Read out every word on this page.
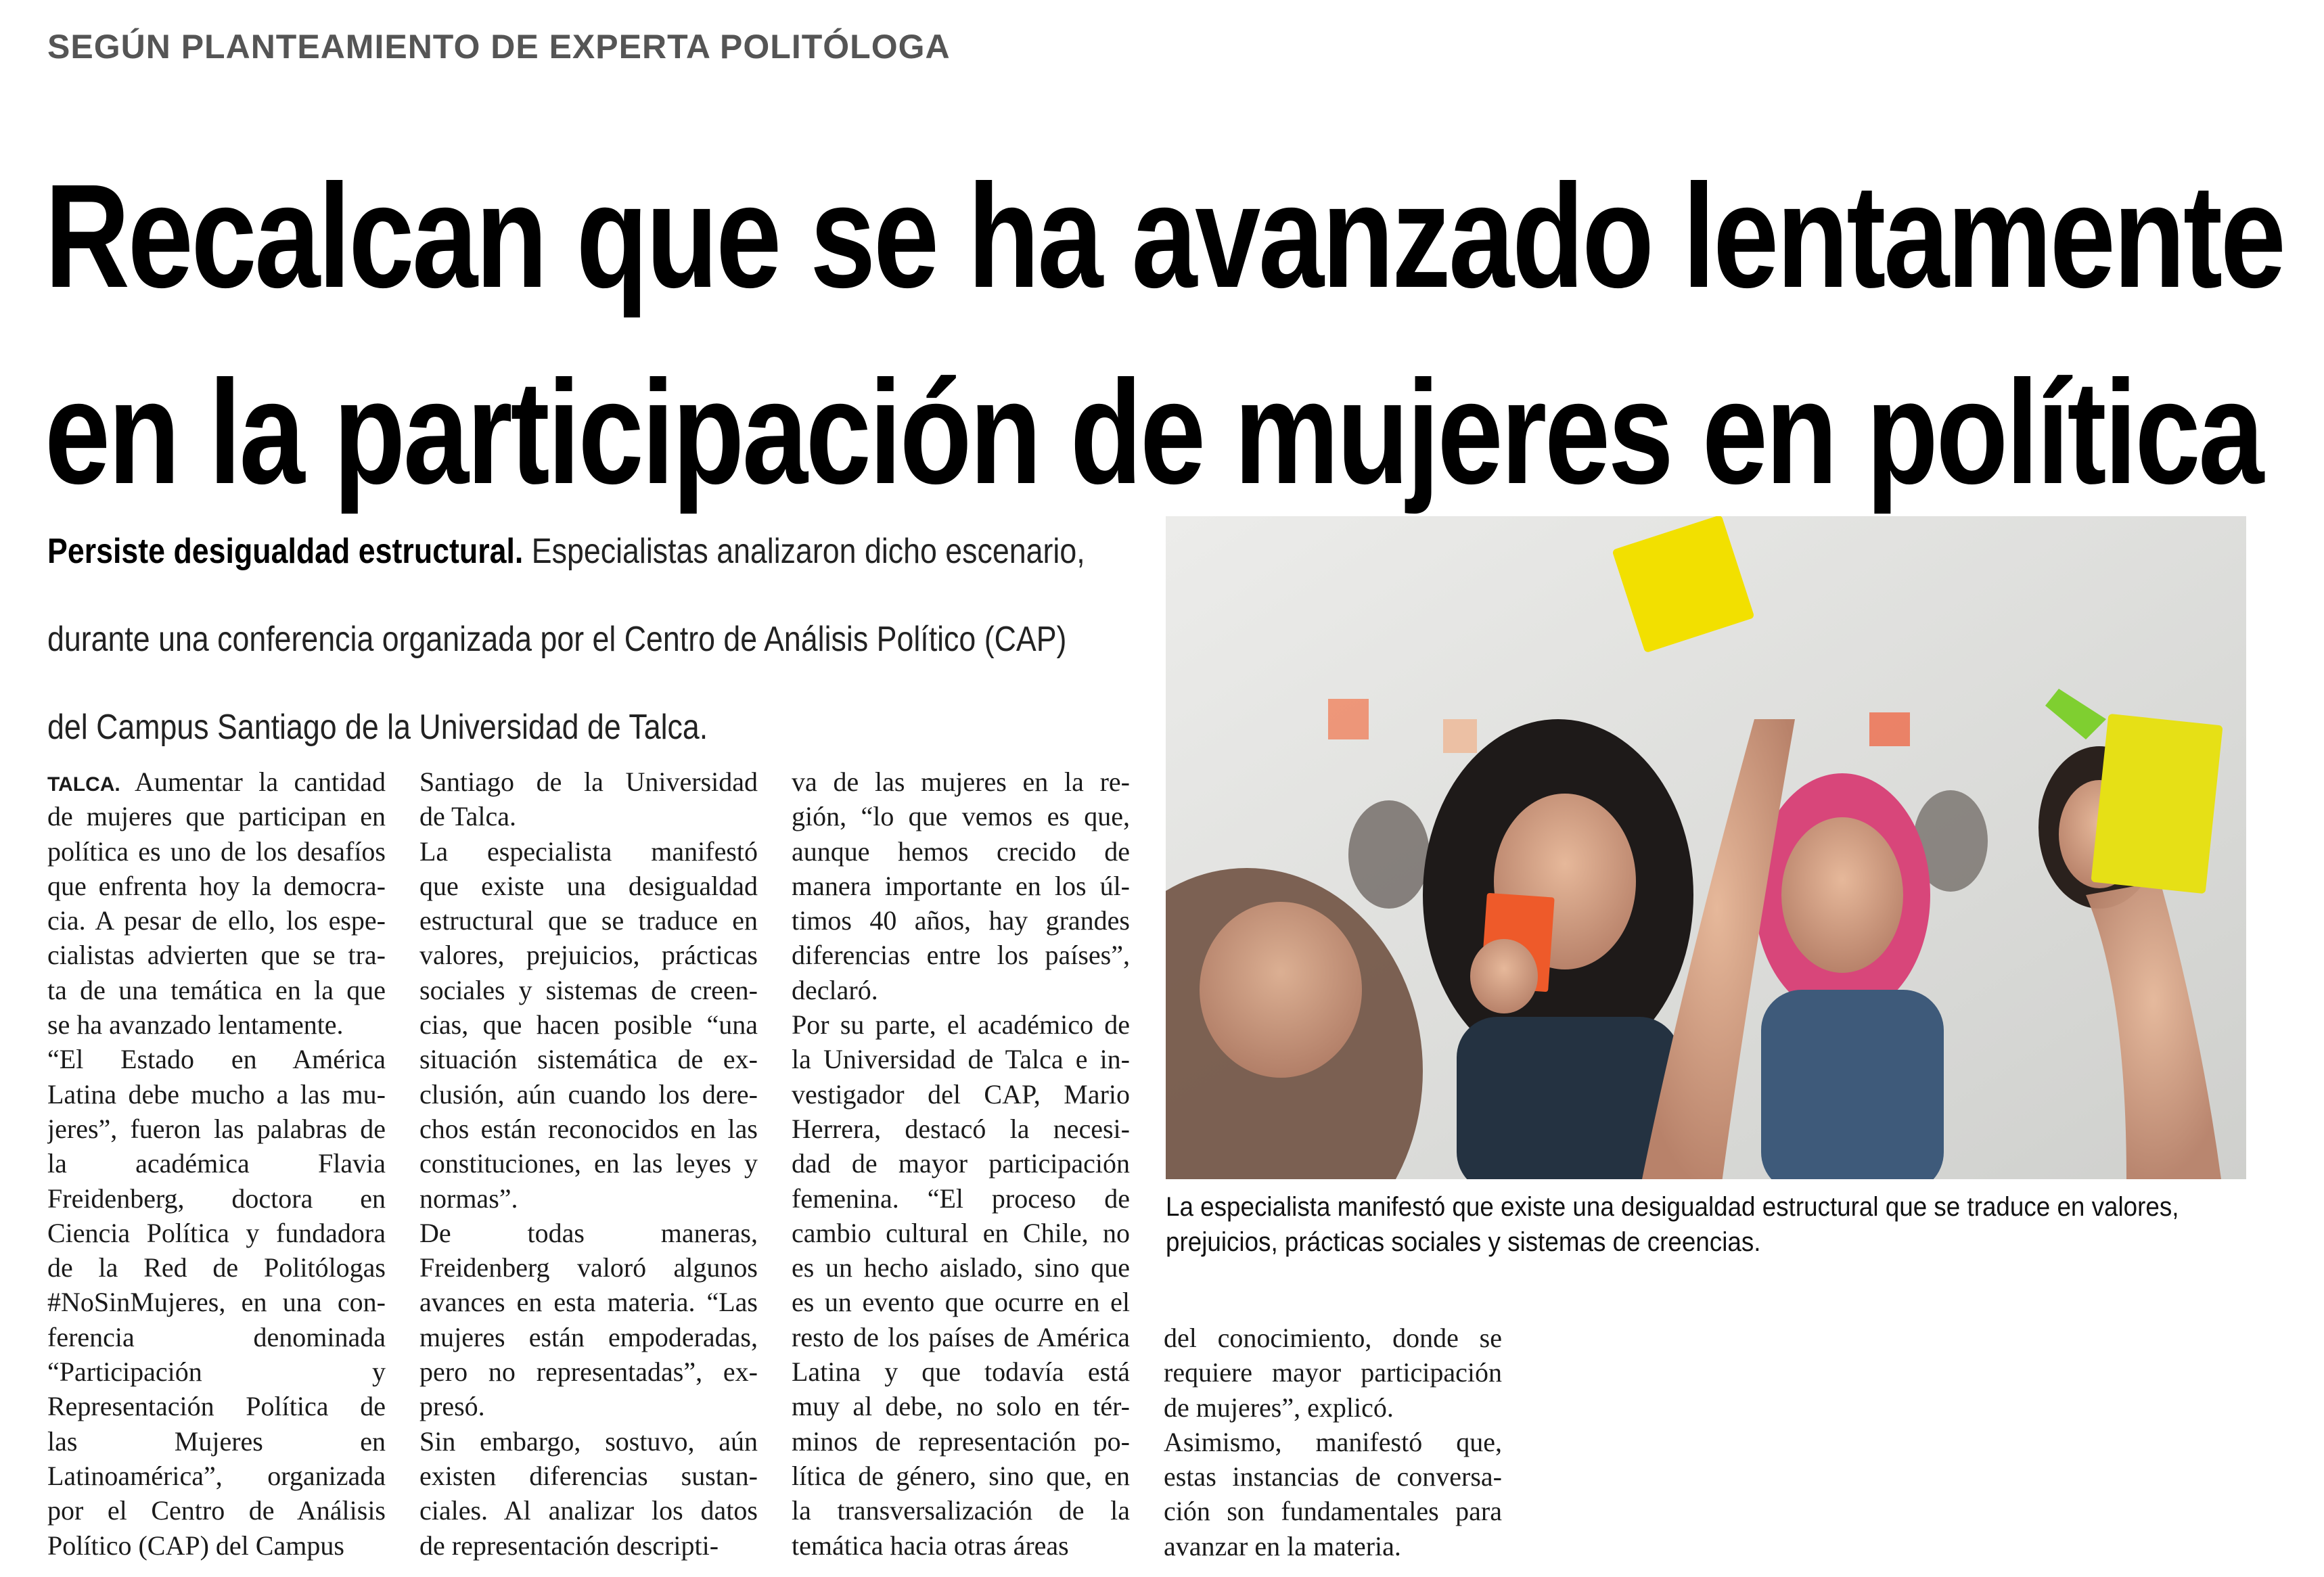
SEGÚN PLANTEAMIENTO DE EXPERTA POLITÓLOGA
Recalcan que se ha avanzado lentamente
en la participación de mujeres en política
Persiste desigualdad estructural. Especialistas analizaron dicho escenario,
durante una conferencia organizada por el Centro de Análisis Político (CAP)
del Campus Santiago de la Universidad de Talca.
TALCA. Aumentar la cantidad
de mujeres que participan en
política es uno de los desafíos
que enfrenta hoy la democra-
cia. A pesar de ello, los espe-
cialistas advierten que se tra-
ta de una temática en la que
se ha avanzado lentamente.
“El Estado en América
Latina debe mucho a las mu-
jeres”, fueron las palabras de
la académica Flavia
Freidenberg, doctora en
Ciencia Política y fundadora
de la Red de Politólogas
#NoSinMujeres, en una con-
ferencia denominada
“Participación y
Representación Política de
las Mujeres en
Latinoamérica”, organizada
por el Centro de Análisis
Político (CAP) del Campus
Santiago de la Universidad
de Talca.
La especialista manifestó
que existe una desigualdad
estructural que se traduce en
valores, prejuicios, prácticas
sociales y sistemas de creen-
cias, que hacen posible “una
situación sistemática de ex-
clusión, aún cuando los dere-
chos están reconocidos en las
constituciones, en las leyes y
normas”.
De todas maneras,
Freidenberg valoró algunos
avances en esta materia. “Las
mujeres están empoderadas,
pero no representadas”, ex-
presó.
Sin embargo, sostuvo, aún
existen diferencias sustan-
ciales. Al analizar los datos
de representación descripti-
va de las mujeres en la re-
gión, “lo que vemos es que,
aunque hemos crecido de
manera importante en los úl-
timos 40 años, hay grandes
diferencias entre los países”,
declaró.
Por su parte, el académico de
la Universidad de Talca e in-
vestigador del CAP, Mario
Herrera, destacó la necesi-
dad de mayor participación
femenina. “El proceso de
cambio cultural en Chile, no
es un hecho aislado, sino que
es un evento que ocurre en el
resto de los países de América
Latina y que todavía está
muy al debe, no solo en tér-
minos de representación po-
lítica de género, sino que, en
la transversalización de la
temática hacia otras áreas
del conocimiento, donde se
requiere mayor participación
de mujeres”, explicó.
Asimismo, manifestó que,
estas instancias de conversa-
ción son fundamentales para
avanzar en la materia.
La especialista manifestó que existe una desigualdad estructural que se traduce en valores,
prejuicios, prácticas sociales y sistemas de creencias.
